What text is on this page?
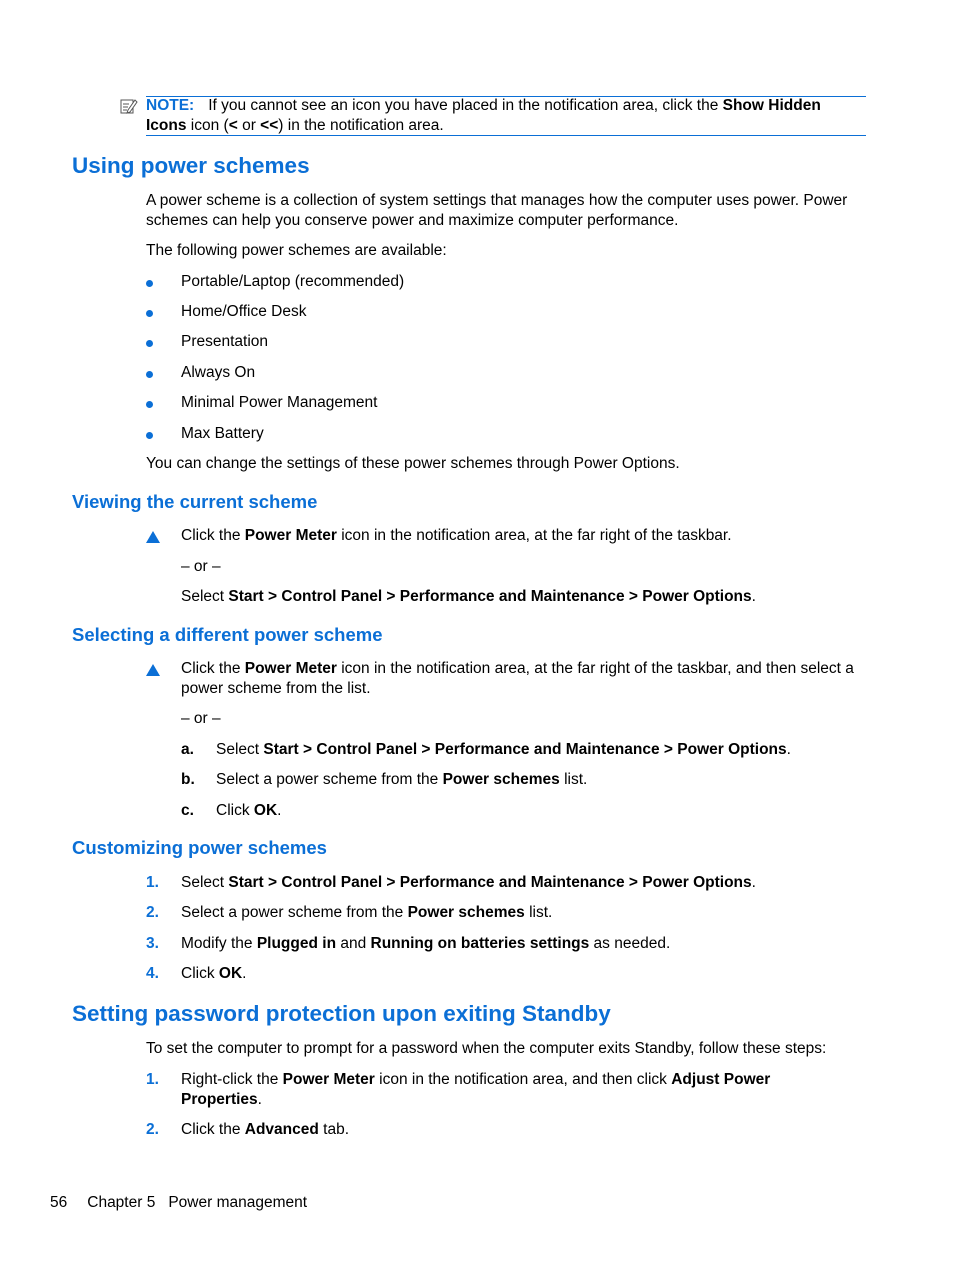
NOTE: If you cannot see an icon you have placed in the notification area, click the Show Hidden
Icons icon (< or <<) in the notification area.
Using power schemes

A power scheme is a collection of system settings that manages how the computer uses power. Power schemes can help you conserve power and maximize computer performance.

The following power schemes are available:

Portable/Laptop (recommended)

Home/Office Desk

Presentation

Always On

Minimal Power Management

Max Battery

You can change the settings of these power schemes through Power Options.

Viewing the current scheme

Click the Power Meter icon in the notification area, at the far right of the taskbar.

– or –

Select Start > Control Panel > Performance and Maintenance > Power Options.

Selecting a different power scheme

Click the Power Meter icon in the notification area, at the far right of the taskbar, and then select a power scheme from the list.

– or –

a. Select Start > Control Panel > Performance and Maintenance > Power Options.

b. Select a power scheme from the Power schemes list.

c. Click OK.

Customizing power schemes
1. Select Start > Control Panel > Performance and Maintenance > Power Options.

2. Select a power scheme from the Power schemes list.

3. Modify the Plugged in and Running on batteries settings as needed.

4. Click OK.

Setting password protection upon exiting Standby

To set the computer to prompt for a password when the computer exits Standby, follow these steps:

1. Right-click the Power Meter icon in the notification area, and then click Adjust Power Properties.

2. Click the Advanced tab.

56 Chapter 5 Power management
